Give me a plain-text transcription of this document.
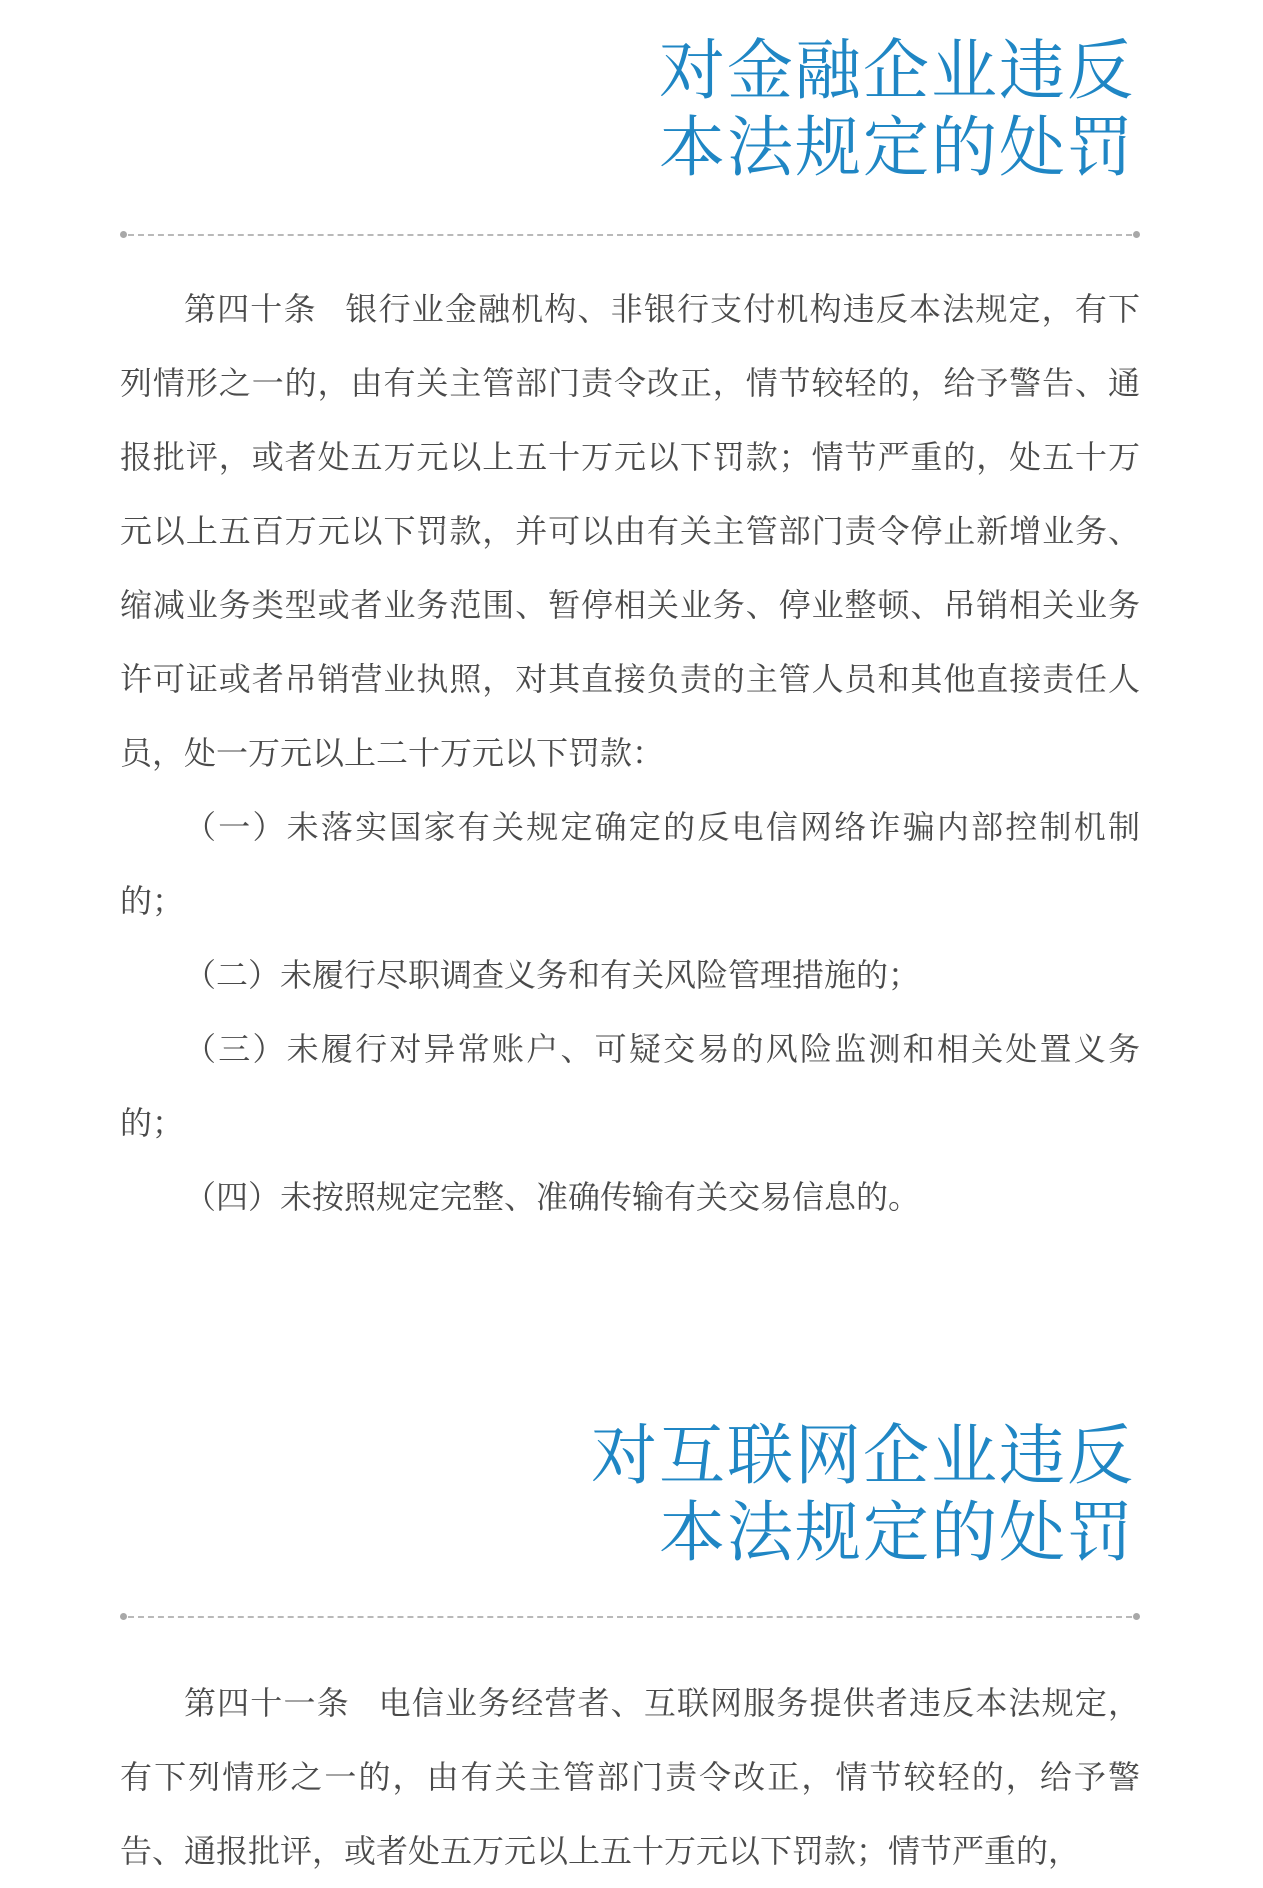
对金融企业违反
本法规定的处罚

第四十条 银行业金融机构、非银行支付机构违反本法规定，有下列情形之一的，由有关主管部门责令改正，情节较轻的，给予警告、通报批评，或者处五万元以上五十万元以下罚款；情节严重的，处五十万元以上五百万元以下罚款，并可以由有关主管部门责令停止新增业务、缩减业务类型或者业务范围、暂停相关业务、停业整顿、吊销相关业务许可证或者吊销营业执照，对其直接负责的主管人员和其他直接责任人员，处一万元以上二十万元以下罚款：

（一）未落实国家有关规定确定的反电信网络诈骗内部控制机制的；

（二）未履行尽职调查义务和有关风险管理措施的；

（三）未履行对异常账户、可疑交易的风险监测和相关处置义务的；

（四）未按照规定完整、准确传输有关交易信息的。

对互联网企业违反
本法规定的处罚

第四十一条 电信业务经营者、互联网服务提供者违反本法规定，有下列情形之一的，由有关主管部门责令改正，情节较轻的，给予警告、通报批评，或者处五万元以上五十万元以下罚款；情节严重的，
